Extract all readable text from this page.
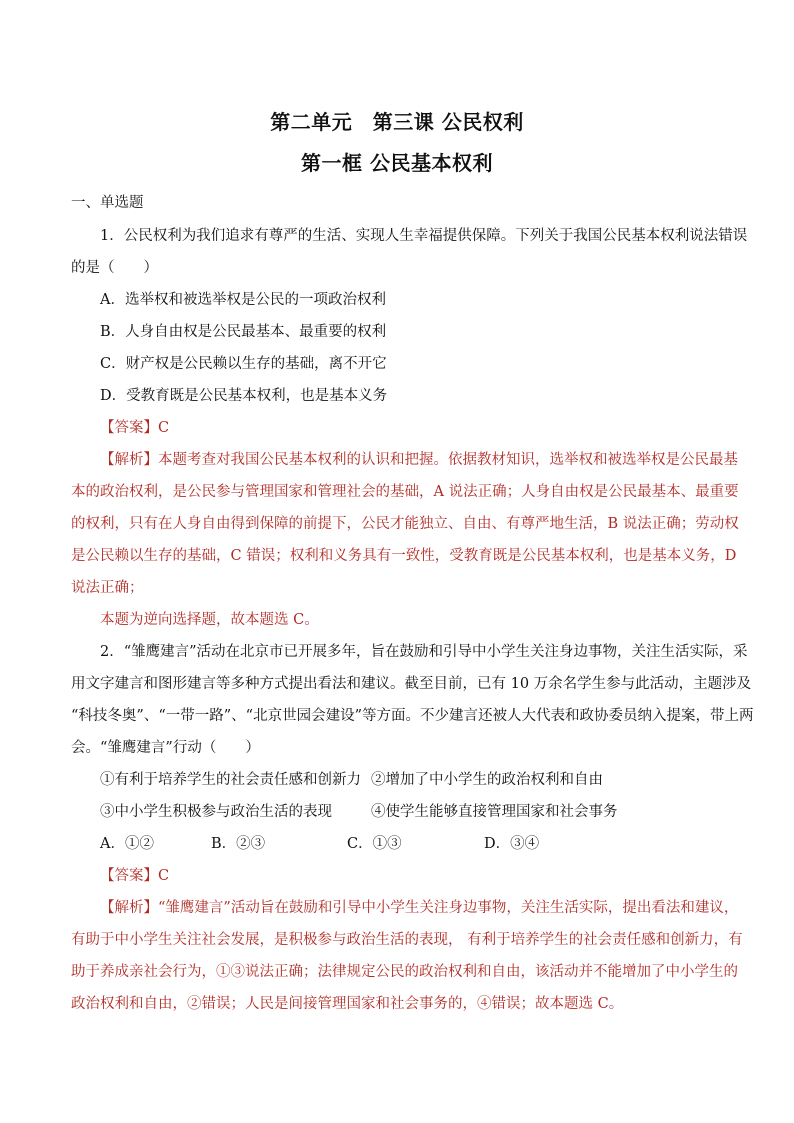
第二单元　第三课 公民权利
第一框 公民基本权利
一、单选题
1．公民权利为我们追求有尊严的生活、实现人生幸福提供保障。下列关于我国公民基本权利说法错误
的是（　　）
A．选举权和被选举权是公民的一项政治权利
B．人身自由权是公民最基本、最重要的权利
C．财产权是公民赖以生存的基础，离不开它
D．受教育既是公民基本权利，也是基本义务
【答案】C
【解析】本题考查对我国公民基本权利的认识和把握。依据教材知识，选举权和被选举权是公民最基
本的政治权利，是公民参与管理国家和管理社会的基础，A 说法正确；人身自由权是公民最基本、最重要
的权利，只有在人身自由得到保障的前提下，公民才能独立、自由、有尊严地生活，B 说法正确；劳动权
是公民赖以生存的基础，C 错误；权利和义务具有一致性，受教育既是公民基本权利，也是基本义务，D
说法正确；
本题为逆向选择题，故本题选 C。
2．“雏鹰建言”活动在北京市已开展多年，旨在鼓励和引导中小学生关注身边事物，关注生活实际，采
用文字建言和图形建言等多种方式提出看法和建议。截至目前，已有 10 万余名学生参与此活动，主题涉及
“科技冬奥”、“一带一路”、“北京世园会建设”等方面。不少建言还被人大代表和政协委员纳入提案，带上两
会。“雏鹰建言”行动（　　）
①有利于培养学生的社会责任感和创新力 ②增加了中小学生的政治权利和自由
③中小学生积极参与政治生活的表现	④使学生能够直接管理国家和社会事务
A．①②	B．②③	C．①③	D．③④
【答案】C
【解析】“雏鹰建言”活动旨在鼓励和引导中小学生关注身边事物，关注生活实际，提出看法和建议，
有助于中小学生关注社会发展，是积极参与政治生活的表现， 有利于培养学生的社会责任感和创新力，有
助于养成亲社会行为，①③说法正确；法律规定公民的政治权利和自由，该活动并不能增加了中小学生的
政治权利和自由，②错误；人民是间接管理国家和社会事务的，④错误；故本题选 C。
